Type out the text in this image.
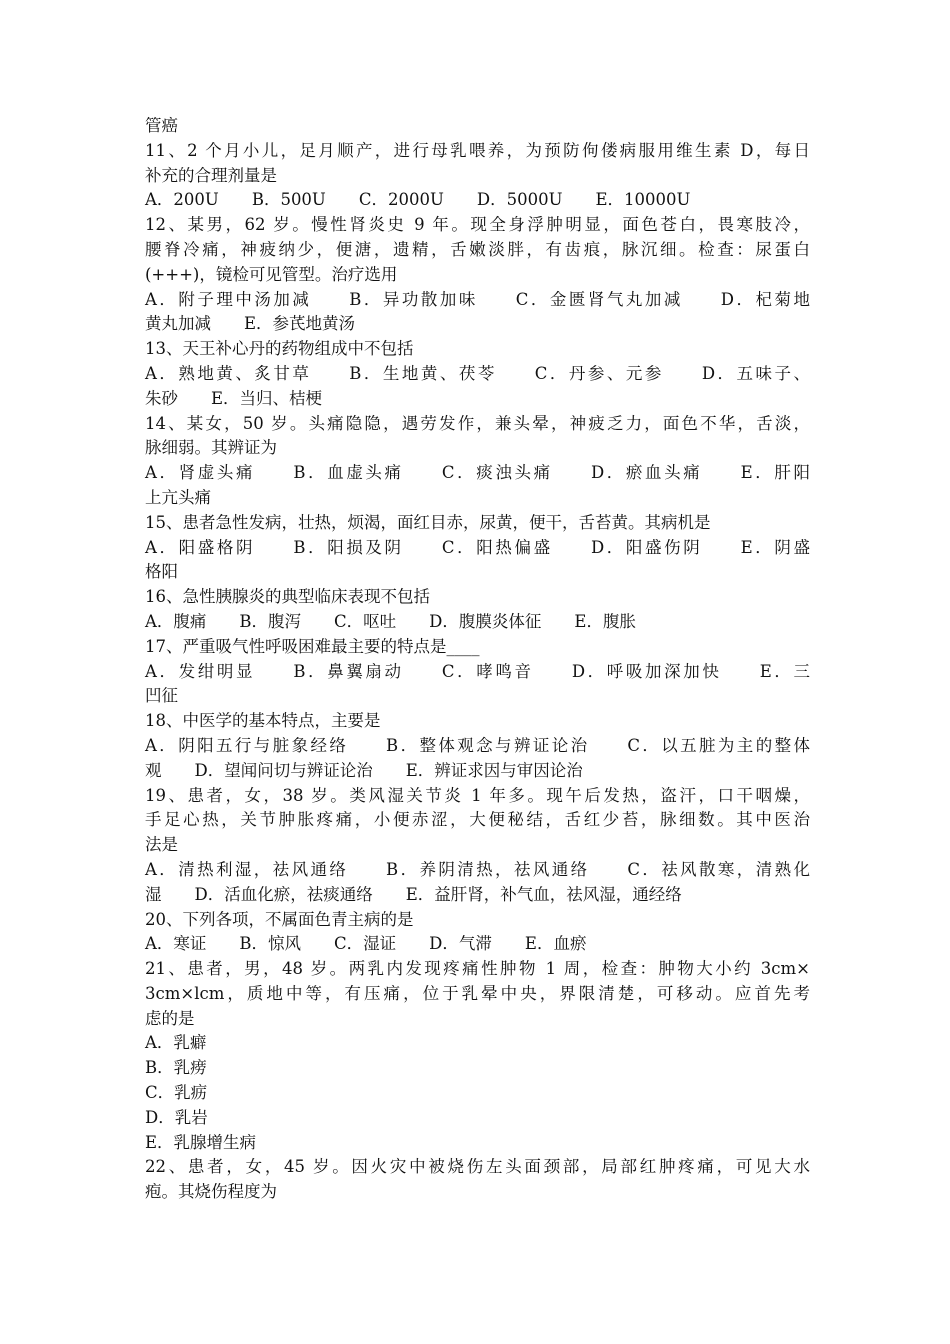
管癌
11、2 个月小儿，足月顺产，进行母乳喂养，为预防佝偻病服用维生素 D，每日
补充的合理剂量是
A．200U　　B．500U　　C．2000U　　D．5000U　　E．10000U
12、某男，62 岁。慢性肾炎史 9 年。现全身浮肿明显，面色苍白，畏寒肢冷，
腰脊冷痛，神疲纳少，便溏，遗精，舌嫩淡胖，有齿痕，脉沉细。检查：尿蛋白
(+++)，镜检可见管型。治疗选用
A．附子理中汤加减　　B．异功散加味　　C．金匮肾气丸加减　　D．杞菊地
黄丸加减　　E．参芪地黄汤
13、天王补心丹的药物组成中不包括
A．熟地黄、炙甘草　　B．生地黄、茯苓　　C．丹参、元参　　D．五味子、
朱砂　　E．当归、桔梗
14、某女，50 岁。头痛隐隐，遇劳发作，兼头晕，神疲乏力，面色不华，舌淡，
脉细弱。其辨证为
A．肾虚头痛　　B．血虚头痛　　C．痰浊头痛　　D．瘀血头痛　　E．肝阳
上亢头痛
15、患者急性发病，壮热，烦渴，面红目赤，尿黄，便干，舌苔黄。其病机是
A．阳盛格阴　　B．阳损及阴　　C．阳热偏盛　　D．阳盛伤阴　　E．阴盛
格阳
16、急性胰腺炎的典型临床表现不包括
A．腹痛　　B．腹泻　　C．呕吐　　D．腹膜炎体征　　E．腹胀
17、严重吸气性呼吸困难最主要的特点是____
A．发绀明显　　B．鼻翼扇动　　C．哮鸣音　　D．呼吸加深加快　　E．三
凹征
18、中医学的基本特点，主要是
A．阴阳五行与脏象经络　　B．整体观念与辨证论治　　C．以五脏为主的整体
观　　D．望闻问切与辨证论治　　E．辨证求因与审因论治
19、患者，女，38 岁。类风湿关节炎 1 年多。现午后发热，盗汗，口干咽燥，
手足心热，关节肿胀疼痛，小便赤涩，大便秘结，舌红少苔，脉细数。其中医治
法是
A．清热利湿，祛风通络　　B．养阴清热，祛风通络　　C．祛风散寒，清熟化
湿　　D．活血化瘀，祛痰通络　　E．益肝肾，补气血，祛风湿，通经络
20、下列各项，不属面色青主病的是
A．寒证　　B．惊风　　C．湿证　　D．气滞　　E．血瘀
21、患者，男，48 岁。两乳内发现疼痛性肿物 1 周，检查：肿物大小约 3cm×
3cm×lcm，质地中等，有压痛，位于乳晕中央，界限清楚，可移动。应首先考
虑的是
A．乳癖
B．乳痨
C．乳疬
D．乳岩
E．乳腺增生病
22、患者，女，45 岁。因火灾中被烧伤左头面颈部，局部红肿疼痛，可见大水
疱。其烧伤程度为
